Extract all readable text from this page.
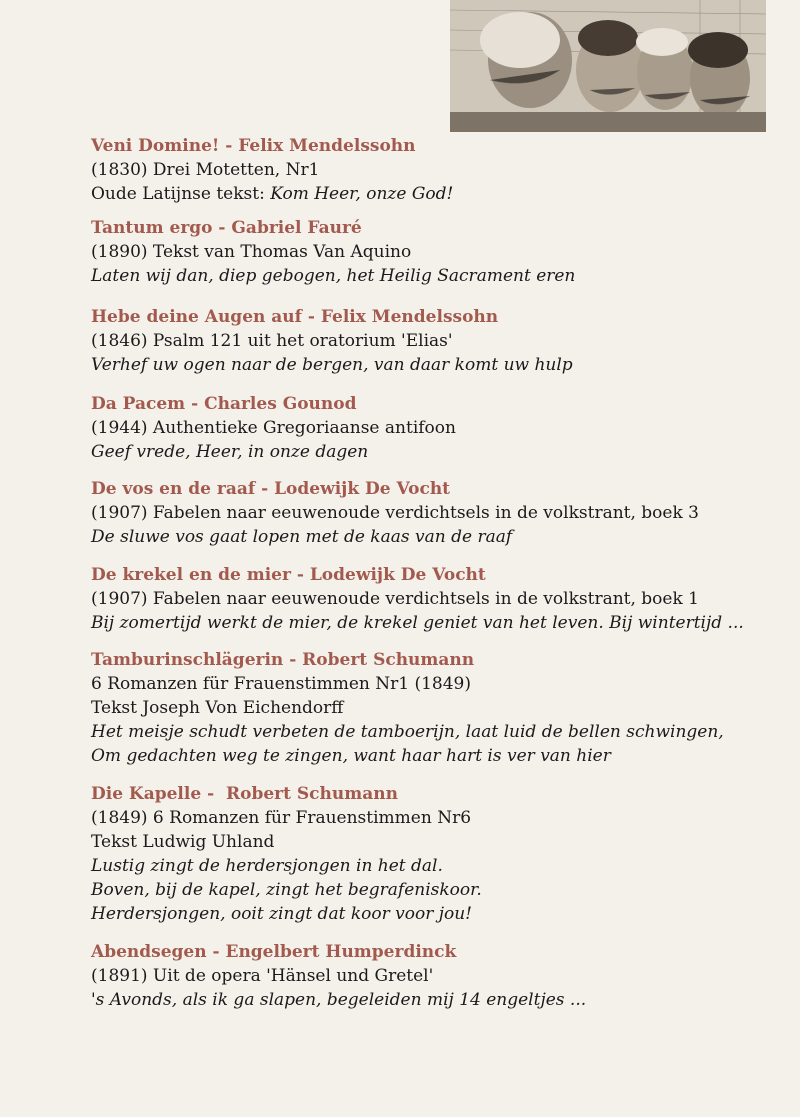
Veni Domine! - Felix Mendelssohn
(1830) Drei Motetten, Nr1
Oude Latijnse tekst: Kom Heer, onze God!
Tantum ergo - Gabriel Fauré
(1890) Tekst van Thomas Van Aquino
Laten wij dan, diep gebogen, het Heilig Sacrament eren
Hebe deine Augen auf - Felix Mendelssohn
(1846) Psalm 121 uit het oratorium 'Elias'
Verhef uw ogen naar de bergen, van daar komt uw hulp
Da Pacem - Charles Gounod
(1944) Authentieke Gregoriaanse antifoon
Geef vrede, Heer, in onze dagen
De vos en de raaf - Lodewijk De Vocht
(1907) Fabelen naar eeuwenoude verdichtsels in de volkstrant, boek 3
De sluwe vos gaat lopen met de kaas van de raaf
De krekel en de mier - Lodewijk De Vocht
(1907) Fabelen naar eeuwenoude verdichtsels in de volkstrant, boek 1
Bij zomertijd werkt de mier, de krekel geniet van het leven. Bij wintertijd ...
Tamburinschlägerin - Robert Schumann
6 Romanzen für Frauenstimmen Nr1 (1849)
Tekst Joseph Von Eichendorff
Het meisje schudt verbeten de tamboerijn, laat luid de bellen schwingen,
Om gedachten weg te zingen, want haar hart is ver van hier
Die Kapelle -  Robert Schumann
(1849) 6 Romanzen für Frauenstimmen Nr6
Tekst Ludwig Uhland
Lustig zingt de herdersjongen in het dal.
Boven, bij de kapel, zingt het begrafeniskoor.
Herdersjongen, ooit zingt dat koor voor jou!
Abendsegen - Engelbert Humperdinck
(1891) Uit de opera 'Hänsel und Gretel'
's Avonds, als ik ga slapen, begeleiden mij 14 engeltjes ...
